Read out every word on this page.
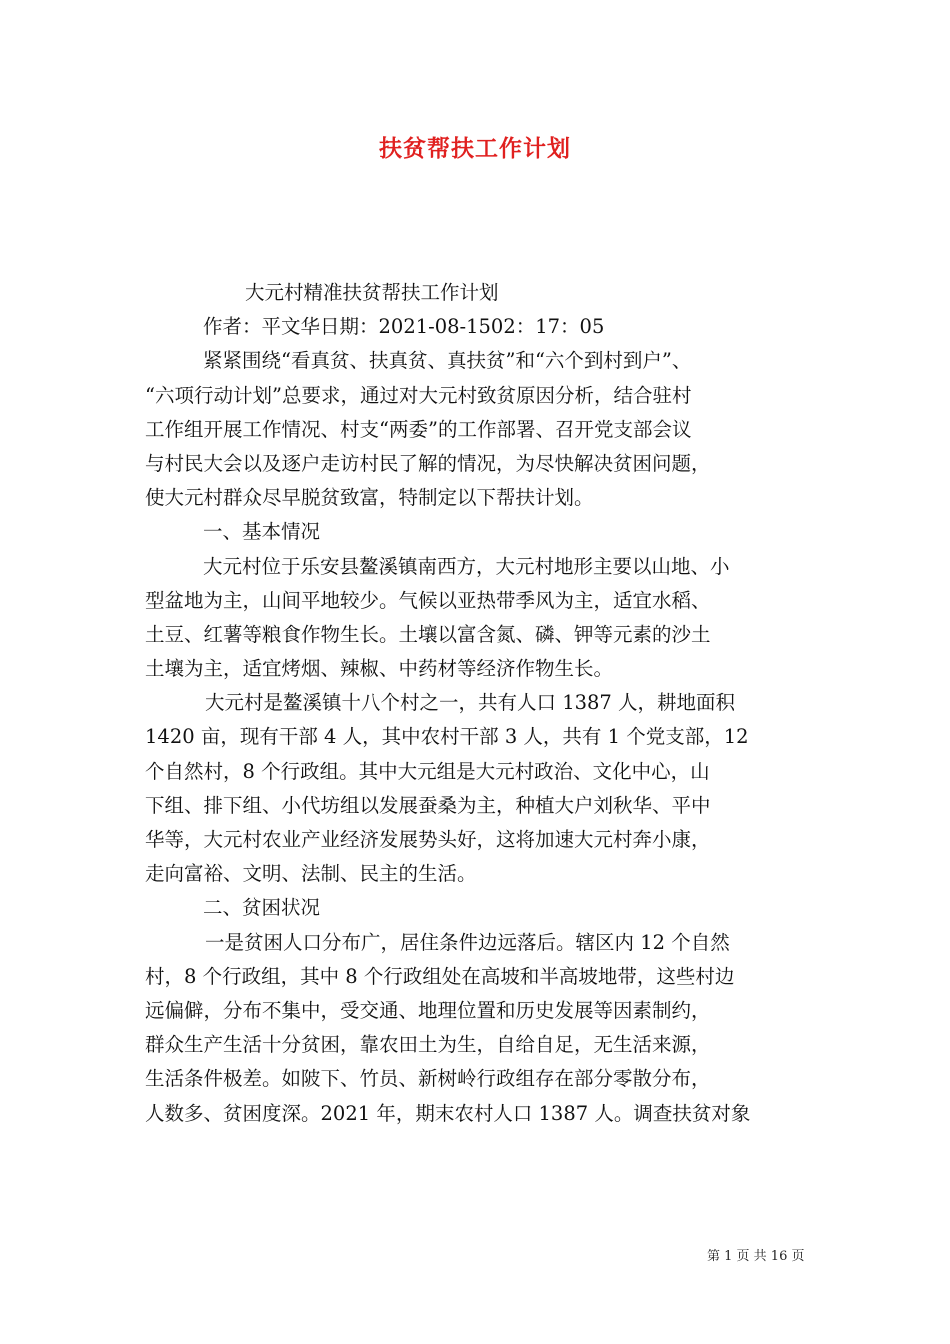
扶贫帮扶工作计划
大元村精准扶贫帮扶工作计划
作者：平文华日期：2021-08-1502：17：05
紧紧围绕“看真贫、扶真贫、真扶贫”和“六个到村到户”、
“六项行动计划”总要求，通过对大元村致贫原因分析，结合驻村
工作组开展工作情况、村支“两委”的工作部署、召开党支部会议
与村民大会以及逐户走访村民了解的情况，为尽快解决贫困问题，
使大元村群众尽早脱贫致富，特制定以下帮扶计划。
一、基本情况
大元村位于乐安县鳌溪镇南西方，大元村地形主要以山地、小
型盆地为主，山间平地较少。气候以亚热带季风为主，适宜水稻、
土豆、红薯等粮食作物生长。土壤以富含氮、磷、钾等元素的沙土
土壤为主，适宜烤烟、辣椒、中药材等经济作物生长。
大元村是鳌溪镇十八个村之一，共有人口 1387 人，耕地面积
1420 亩，现有干部 4 人，其中农村干部 3 人，共有 1 个党支部，12
个自然村，8 个行政组。其中大元组是大元村政治、文化中心，山
下组、排下组、小代坊组以发展蚕桑为主，种植大户刘秋华、平中
华等，大元村农业产业经济发展势头好，这将加速大元村奔小康，
走向富裕、文明、法制、民主的生活。
二、贫困状况
一是贫困人口分布广，居住条件边远落后。辖区内 12 个自然
村，8 个行政组，其中 8 个行政组处在高坡和半高坡地带，这些村边
远偏僻，分布不集中，受交通、地理位置和历史发展等因素制约，
群众生产生活十分贫困，靠农田土为生，自给自足，无生活来源，
生活条件极差。如陂下、竹员、新树岭行政组存在部分零散分布，
人数多、贫困度深。2021 年，期末农村人口 1387 人。调查扶贫对象
第 1 页 共 16 页
